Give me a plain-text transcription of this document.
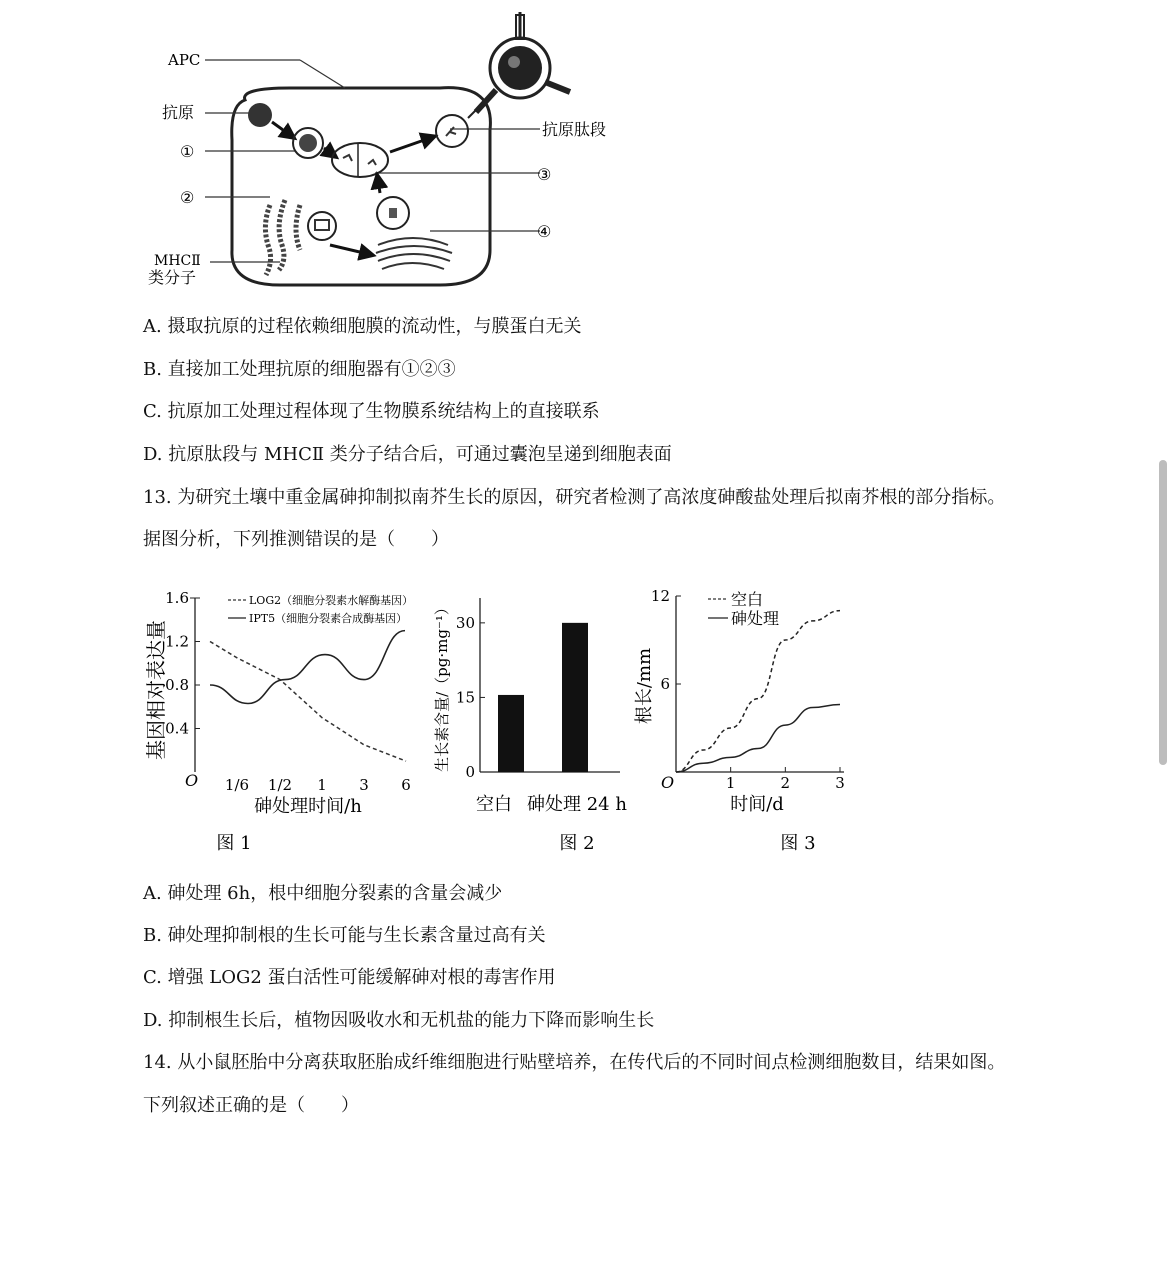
APC
抗原
①
②
③
④
抗原肽段
MHCⅡ
类分子
A. 摄取抗原的过程依赖细胞膜的流动性，与膜蛋白无关
B. 直接加工处理抗原的细胞器有①②③
C. 抗原加工处理过程体现了生物膜系统结构上的直接联系
D. 抗原肽段与 MHCⅡ 类分子结合后，可通过囊泡呈递到细胞表面
13. 为研究土壤中重金属砷抑制拟南芥生长的原因，研究者检测了高浓度砷酸盐处理后拟南芥根的部分指标。
据图分析，下列推测错误的是（　　）
1.6
1.2
0.8
0.4
O 1/6 1/2 1 3 6
砷处理时间/h
基因相对表达量
LOG2（细胞分裂素水解酶基因）
IPT5（细胞分裂素合成酶基因）
图 1
0
15
30
空白 砷处理 24 h
生长素含量/（pg·mg⁻¹）
图 2
12
6
1	2	3
O
时间/d
根长/mm
空白
砷处理
图 3
A. 砷处理 6h，根中细胞分裂素的含量会减少
B. 砷处理抑制根的生长可能与生长素含量过高有关
C. 增强 LOG2 蛋白活性可能缓解砷对根的毒害作用
D. 抑制根生长后，植物因吸收水和无机盐的能力下降而影响生长
14. 从小鼠胚胎中分离获取胚胎成纤维细胞进行贴壁培养，在传代后的不同时间点检测细胞数目，结果如图。
下列叙述正确的是（　　）
